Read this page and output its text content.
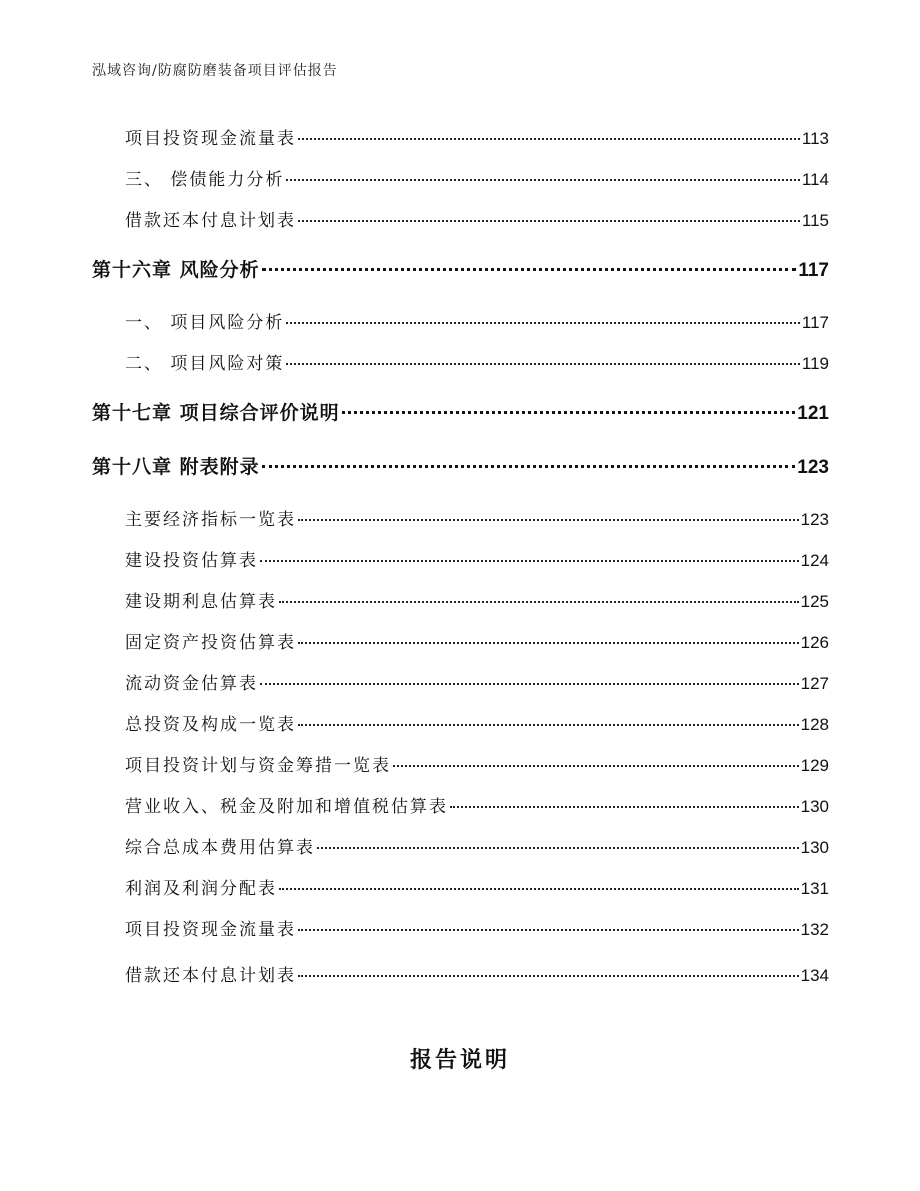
泓域咨询/防腐防磨装备项目评估报告
项目投资现金流量表	113
三、 偿债能力分析	114
借款还本付息计划表	115
第十六章 风险分析	117
一、 项目风险分析	117
二、 项目风险对策	119
第十七章 项目综合评价说明	121
第十八章 附表附录	123
主要经济指标一览表	123
建设投资估算表	124
建设期利息估算表	125
固定资产投资估算表	126
流动资金估算表	127
总投资及构成一览表	128
项目投资计划与资金筹措一览表	129
营业收入、税金及附加和增值税估算表	130
综合总成本费用估算表	130
利润及利润分配表	131
项目投资现金流量表	132
借款还本付息计划表	134
报告说明
